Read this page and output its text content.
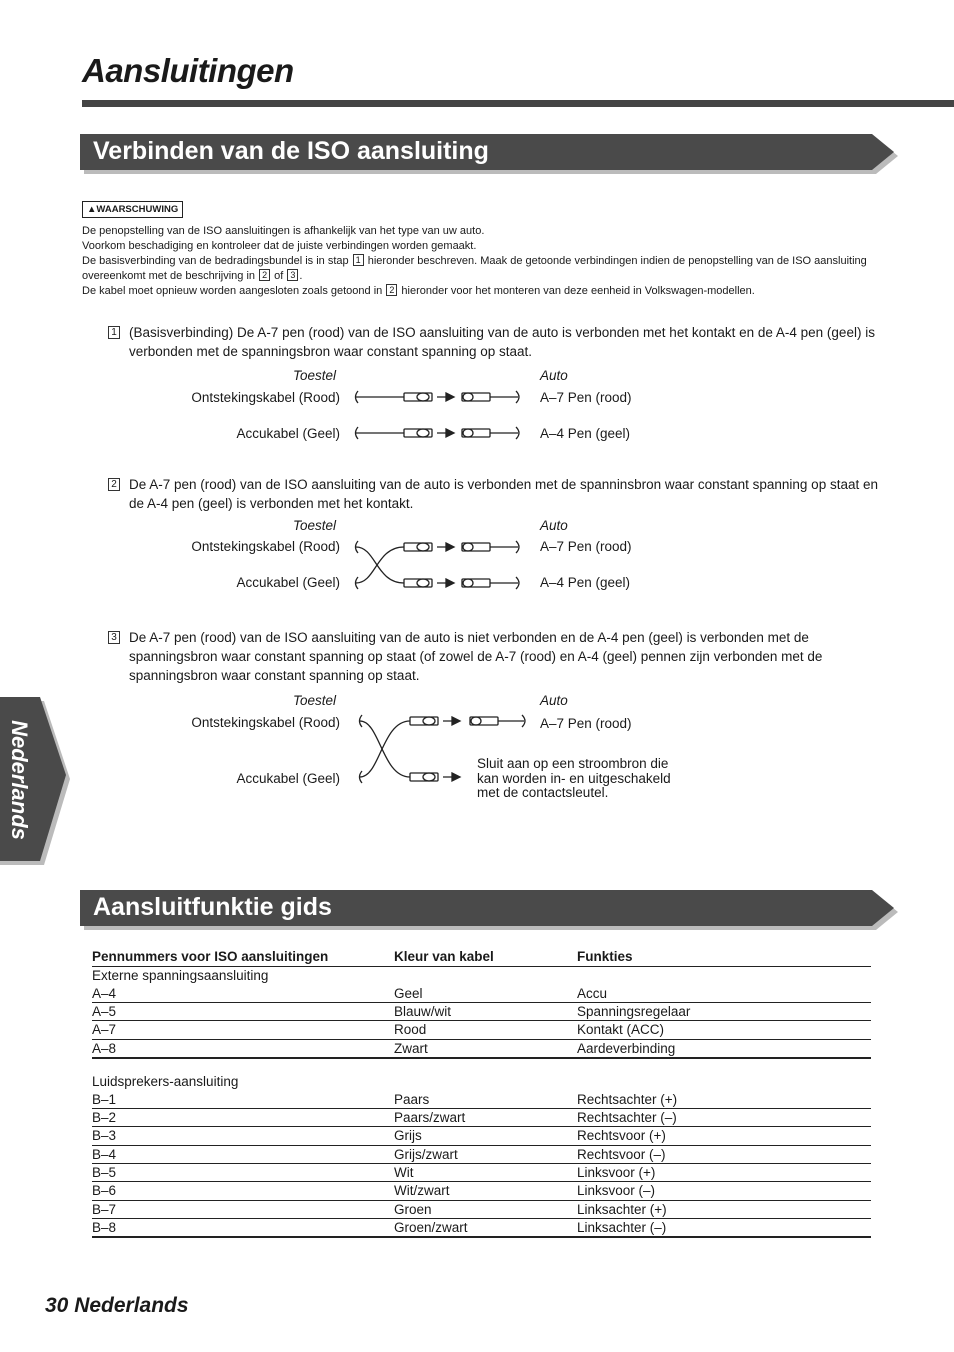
Aansluitingen
Verbinden van de ISO aansluiting
▲WAARSCHUWING
De penopstelling van de ISO aansluitingen is afhankelijk van het type van uw auto.
Voorkom beschadiging en kontroleer dat de juiste verbindingen worden gemaakt.
De basisverbinding van de bedradingsbundel is in stap 1 hieronder beschreven. Maak de getoonde verbindingen indien de penopstelling van de ISO aansluiting overeenkomt met de beschrijving in 2 of 3 .
De kabel moet opnieuw worden aangesloten zoals getoond in 2 hieronder voor het monteren van deze eenheid in Volkswagen-modellen.
1 (Basisverbinding) De A-7 pen (rood) van de ISO aansluiting van de auto is verbonden met het kontakt en de A-4 pen (geel) is verbonden met de spanningsbron waar constant spanning op staat.
Toestel	Auto
Ontstekingskabel (Rood)	A–7 Pen (rood)
Accukabel (Geel)	A–4 Pen (geel)
2 De A-7 pen (rood) van de ISO aansluiting van de auto is verbonden met de spanninsbron waar constant spanning op staat en de A-4 pen (geel) is verbonden met het kontakt.
Toestel	Auto
Ontstekingskabel (Rood)	A–7 Pen (rood)
Accukabel (Geel)	A–4 Pen (geel)
3 De A-7 pen (rood) van de ISO aansluiting van de auto is niet verbonden en de A-4 pen (geel) is verbonden met de spanningsbron waar constant spanning op staat (of zowel de A-7 (rood) en A-4 (geel) pennen zijn verbonden met de spanningsbron waar constant spanning op staat.
Toestel	Auto
Ontstekingskabel (Rood)	A–7 Pen (rood)
Accukabel (Geel)
Sluit aan op een stroombron die
kan worden in- en uitgeschakeld
met de contactsleutel.
Nederlands
Aansluitfunktie gids
Pennummers voor ISO aansluitingen	Kleur van kabel	Funkties
Externe spanningsaansluiting		
A–4	Geel	Accu
A–5	Blauw/wit	Spanningsregelaar
A–7	Rood	Kontakt (ACC)
A–8	Zwart	Aardeverbinding

Luidsprekers-aansluiting		
B–1	Paars	Rechtsachter (+)
B–2	Paars/zwart	Rechtsachter (–)
B–3	Grijs	Rechtsvoor (+)
B–4	Grijs/zwart	Rechtsvoor (–)
B–5	Wit	Linksvoor (+)
B–6	Wit/zwart	Linksvoor (–)
B–7	Groen	Linksachter (+)
B–8	Groen/zwart	Linksachter (–)
30 Nederlands
